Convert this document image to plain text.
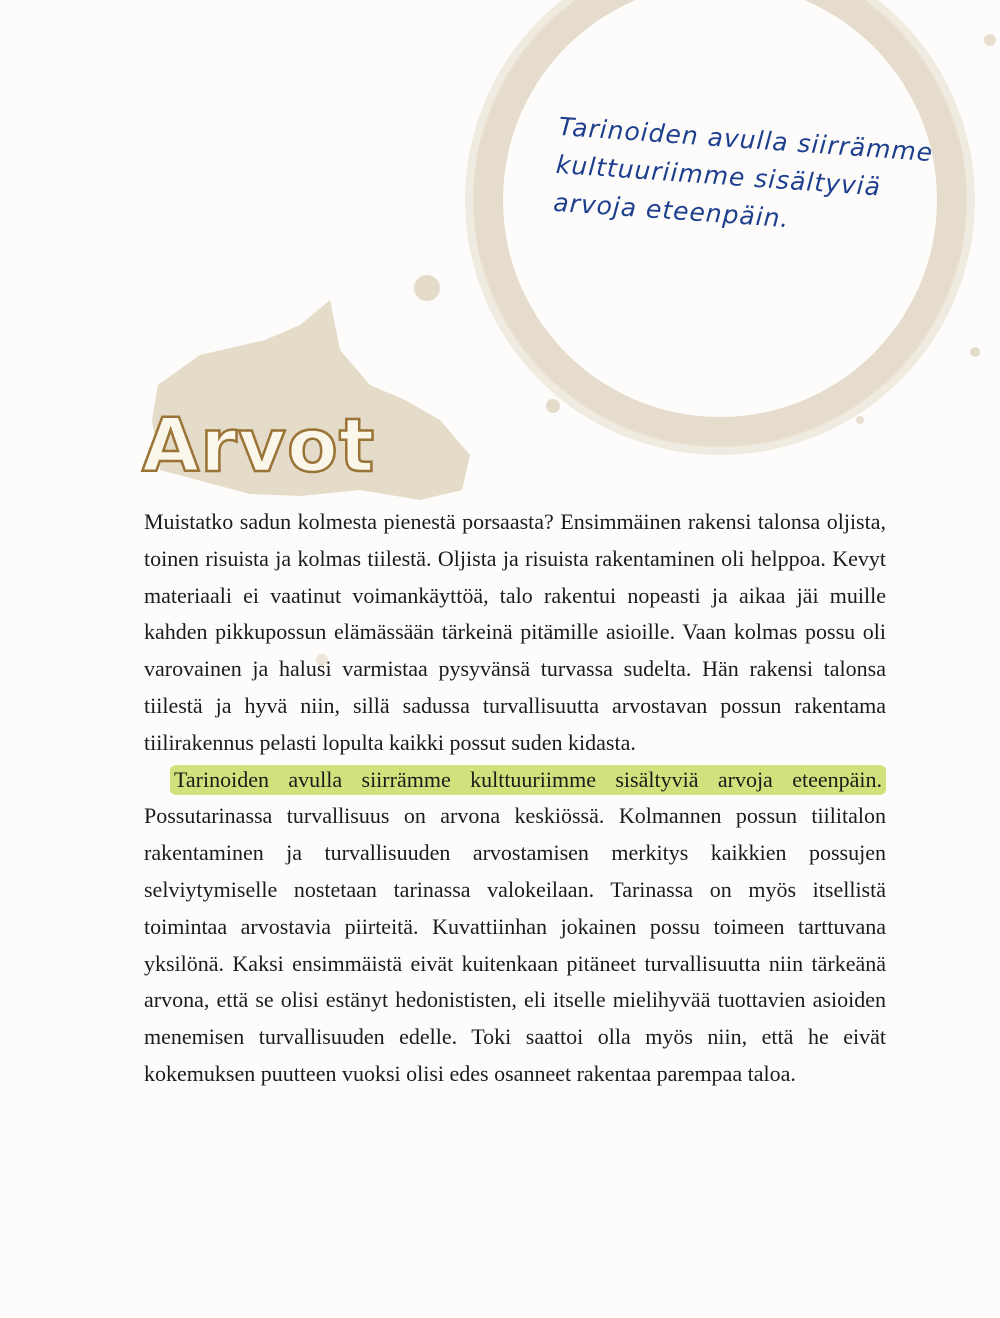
Tarinoiden avulla siirrämme kulttuuriimme sisältyviä arvoja eteenpäin.

Arvot

Muistatko sadun kolmesta pienestä porsaasta? Ensimmäinen rakensi talonsa oljista, toinen risuista ja kolmas tiilestä. Oljista ja risuista rakentaminen oli helppoa. Kevyt materiaali ei vaatinut voimankäyttöä, talo rakentui nopeasti ja aikaa jäi muille kahden pikkupossun elämässään tärkeinä pitämille asioille. Vaan kolmas possu oli varovainen ja halusi varmistaa pysyvänsä turvassa sudelta. Hän rakensi talonsa tiilestä ja hyvä niin, sillä sadussa turvallisuutta arvostavan possun rakentama tiilirakennus pelasti lopulta kaikki possut suden kidasta.

Tarinoiden avulla siirrämme kulttuuriimme sisältyviä arvoja eteenpäin. Possutarinassa turvallisuus on arvona keskiössä. Kolmannen possun tiilitalon rakentaminen ja turvallisuuden arvostamisen merkitys kaikkien possujen selviytymiselle nostetaan tarinassa valokeilaan. Tarinassa on myös itsellistä toimintaa arvostavia piirteitä. Kuvattiinhan jokainen possu toimeen tarttuvana yksilönä. Kaksi ensimmäistä eivät kuitenkaan pitäneet turvallisuutta niin tärkeänä arvona, että se olisi estänyt hedonististen, eli itselle mielihyvää tuottavien asioiden menemisen turvallisuuden edelle. Toki saattoi olla myös niin, että he eivät kokemuksen puutteen vuoksi olisi edes osanneet rakentaa parempaa taloa.
